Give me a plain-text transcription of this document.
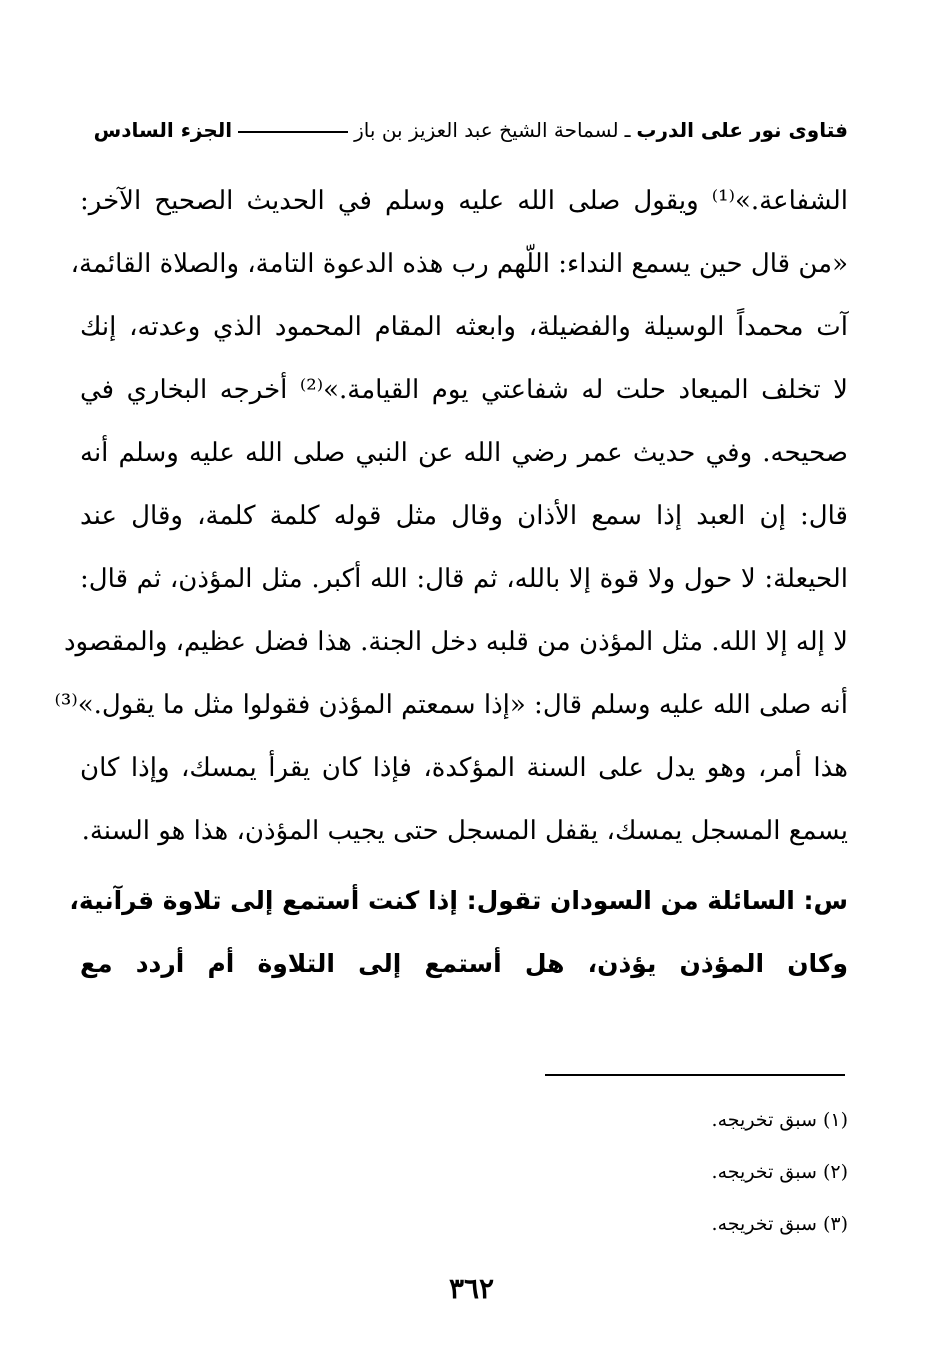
فتاوى نور على الدرب
ـ
لسماحة الشيخ عبد العزيز بن باز
الجزء السادس
الشفاعة.»⁽¹⁾ ويقول صلى الله عليه وسلم في الحديث الصحيح الآخر:
«من قال حين يسمع النداء: اللّهم رب هذه الدعوة التامة، والصلاة القائمة،
آت محمداً الوسيلة والفضيلة، وابعثه المقام المحمود الذي وعدته، إنك
لا تخلف الميعاد حلت له شفاعتي يوم القيامة.»⁽²⁾ أخرجه البخاري في
صحيحه. وفي حديث عمر رضي الله عن النبي صلى الله عليه وسلم أنه
قال: إن العبد إذا سمع الأذان وقال مثل قوله كلمة كلمة، وقال عند
الحيعلة: لا حول ولا قوة إلا بالله، ثم قال: الله أكبر. مثل المؤذن، ثم قال:
لا إله إلا الله. مثل المؤذن من قلبه دخل الجنة. هذا فضل عظيم، والمقصود
أنه صلى الله عليه وسلم قال: «إذا سمعتم المؤذن فقولوا مثل ما يقول.»⁽³⁾
هذا أمر، وهو يدل على السنة المؤكدة، فإذا كان يقرأ يمسك، وإذا كان
يسمع المسجل يمسك، يقفل المسجل حتى يجيب المؤذن، هذا هو السنة.
س: السائلة من السودان تقول: إذا كنت أستمع إلى تلاوة قرآنية،
وكان المؤذن يؤذن، هل أستمع إلى التلاوة أم أردد مع
(١) سبق تخريجه.
(٢) سبق تخريجه.
(٣) سبق تخريجه.
٣٦٢
